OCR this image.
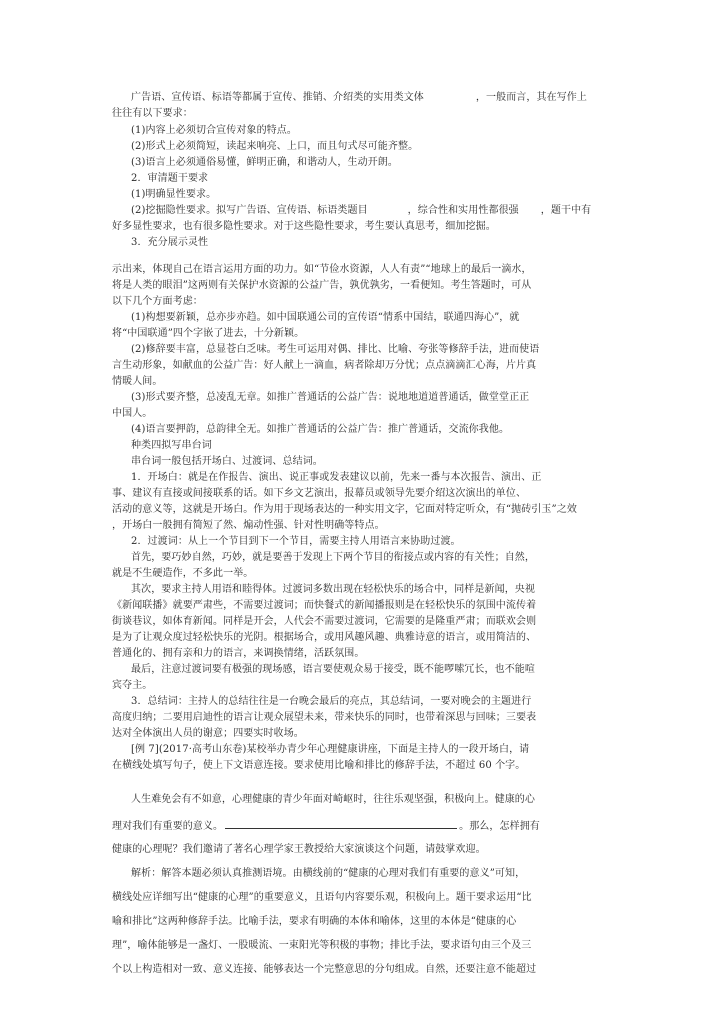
广告语、宣传语、标语等都属于宣传、推销、介绍类的实用类文体	，一般而言，其在写作上
往往有以下要求：
(1)内容上必须切合宣传对象的特点。
(2)形式上必须简短，读起来响亮、上口，而且句式尽可能齐整。
(3)语言上必须通俗易懂，鲜明正确，和谐动人，生动开朗。
2．审清题干要求
(1)明确显性要求。
(2)挖掘隐性要求。拟写广告语、宣传语、标语类题目	，综合性和实用性都很强 ，题干中有
好多显性要求，也有很多隐性要求。对于这些隐性要求，考生要认真思考，细加挖掘。
3．充分展示灵性
示出来，体现自己在语言运用方面的功力。如“节俭水资源，人人有责”“地球上的最后一滴水，
将是人类的眼泪”这两则有关保护水资源的公益广告，孰优孰劣，一看便知。考生答题时，可从
以下几个方面考虑：
(1)构想要新颖，总亦步亦趋。如中国联通公司的宣传语“情系中国结，联通四海心”，就
将“中国联通”四个字嵌了进去，十分新颖。
(2)修辞要丰富，总显苍白乏味。考生可运用对偶、排比、比喻、夸张等修辞手法，进而使语
言生动形象，如献血的公益广告：好人献上一滴血，病者除却万分忧；点点滴滴汇心海，片片真
情暖人间。
(3)形式要齐整，总凌乱无章。如推广普通话的公益广告：说地地道道普通话，做堂堂正正
中国人。
(4)语言要押韵，总韵律全无。如推广普通话的公益广告：推广普通话，交流你我他。
种类四拟写串台词
串台词一般包括开场白、过渡词、总结词。
1．开场白：就是在作报告、演出、说正事或发表建议以前，先来一番与本次报告、演出、正
事、建议有直接或间接联系的话。如下乡文艺演出，报幕员或领导先要介绍这次演出的单位、
活动的意义等，这就是开场白。作为用于现场表达的一种实用文字，它面对特定听众，有“抛砖引玉”之效
，开场白一般拥有简短了然、煽动性强、针对性明确等特点。
2．过渡词：从上一个节目到下一个节目，需要主持人用语言来协助过渡。
首先，要巧妙自然，巧妙，就是要善于发现上下两个节目的衔接点或内容的有关性；自然，
就是不生硬造作，不多此一举。
其次，要求主持人用语和睦得体。过渡词多数出现在轻松快乐的场合中，同样是新闻，央视
《新闻联播》就要严肃些，不需要过渡词；而快餐式的新闻播报则是在轻松快乐的氛围中流传着
街谈巷议，如体育新闻。同样是开会，人代会不需要过渡词，它需要的是隆重严肃；而联欢会则
是为了让观众度过轻松快乐的光阴。根据场合，或用风趣风趣、典雅诗意的语言，或用简洁的、
普通化的、拥有亲和力的语言，来调换情绪，活跃氛围。
最后，注意过渡词要有极强的现场感，语言要使观众易于接受，既不能啰嗦冗长，也不能喧
宾夺主。
3．总结词：主持人的总结往往是一台晚会最后的亮点，其总结词，一要对晚会的主题进行
高度归纳；二要用启迪性的语言让观众展望未来，带来快乐的同时，也带着深思与回味；三要表
达对全体演出人员的谢意；四要实时收场。
[例 7](2017·高考山东卷)某校举办青少年心理健康讲座，下面是主持人的一段开场白，请
在横线处填写句子，使上下文语意连接。要求使用比喻和排比的修辞手法，不超过 60 个字。
人生难免会有不如意，心理健康的青少年面对崎岖时，往往乐观坚强，积极向上。健康的心
理对我们有重要的意义。	。那么，怎样拥有
健康的心理呢？我们邀请了著名心理学家王教授给大家演谈这个问题，请鼓掌欢迎。
解析：解答本题必须认真推测语境。由横线前的“健康的心理对我们有重要的意义”可知，
横线处应详细写出“健康的心理”的重要意义，且语句内容要乐观，积极向上。题干要求运用“比
喻和排比”这两种修辞手法。比喻手法，要求有明确的本体和喻体，这里的本体是“健康的心
理”，喻体能够是一盏灯、一股暖流、一束阳光等积极的事物；排比手法，要求语句由三个及三
个以上构造相对一致、意义连接、能够表达一个完整意思的分句组成。自然，还要注意不能超过
